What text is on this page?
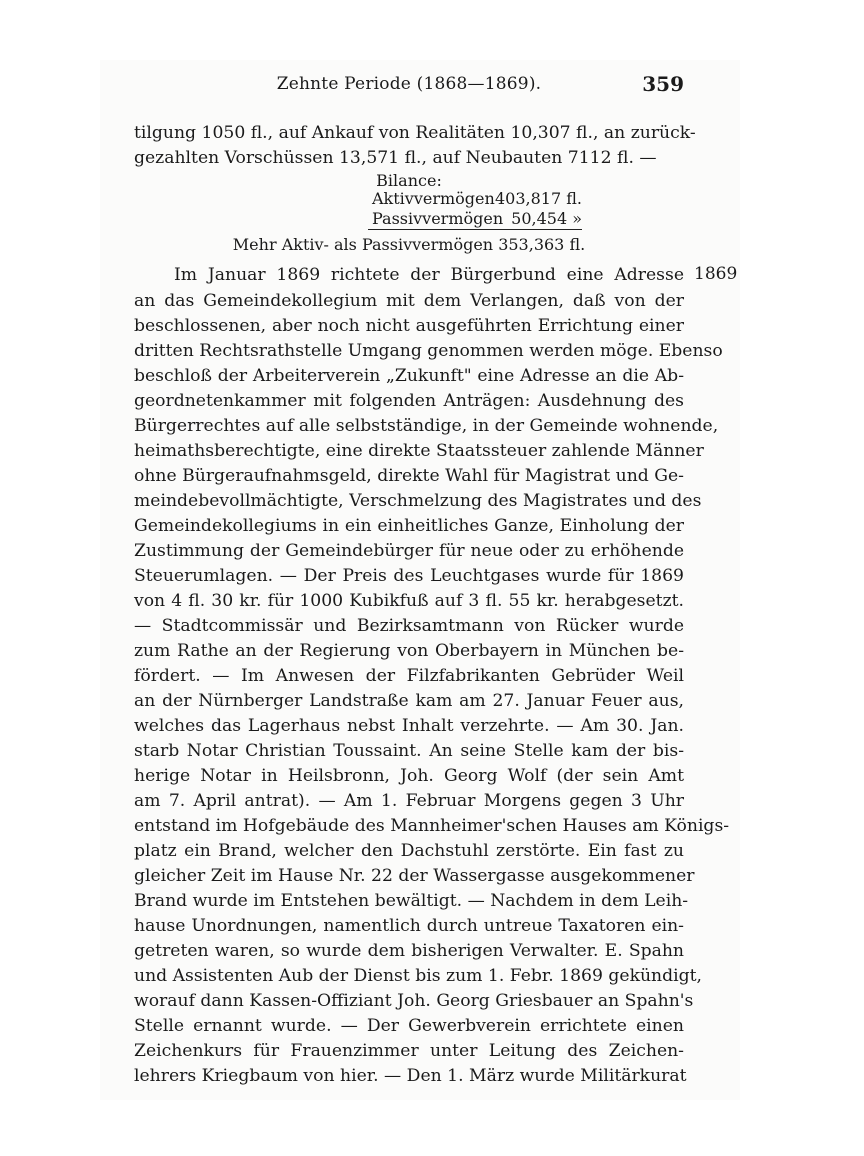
Zehnte Periode (1868—1869).	359
tilgung 1050 fl., auf Ankauf von Realitäten 10,307 fl., an zurück-
gezahlten Vorschüssen 13,571 fl., auf Neubauten 7112 fl. —
Bilance:
Aktivvermögen403,817 fl.
Passivvermögen 50,454 »
Mehr Aktiv- als Passivvermögen 353,363 fl.
1869
Im Januar 1869 richtete der Bürgerbund eine Adresse
an das Gemeindekollegium mit dem Verlangen, daß von der
beschlossenen, aber noch nicht ausgeführten Errichtung einer
dritten Rechtsrathstelle Umgang genommen werden möge. Ebenso
beschloß der Arbeiterverein „Zukunft" eine Adresse an die Ab-
geordnetenkammer mit folgenden Anträgen: Ausdehnung des
Bürgerrechtes auf alle selbstständige, in der Gemeinde wohnende,
heimathsberechtigte, eine direkte Staatssteuer zahlende Männer
ohne Bürgeraufnahmsgeld, direkte Wahl für Magistrat und Ge-
meindebevollmächtigte, Verschmelzung des Magistrates und des
Gemeindekollegiums in ein einheitliches Ganze, Einholung der
Zustimmung der Gemeindebürger für neue oder zu erhöhende
Steuerumlagen. — Der Preis des Leuchtgases wurde für 1869
von 4 fl. 30 kr. für 1000 Kubikfuß auf 3 fl. 55 kr. herabgesetzt.
— Stadtcommissär und Bezirksamtmann von Rücker wurde
zum Rathe an der Regierung von Oberbayern in München be-
fördert. — Im Anwesen der Filzfabrikanten Gebrüder Weil
an der Nürnberger Landstraße kam am 27. Januar Feuer aus,
welches das Lagerhaus nebst Inhalt verzehrte. — Am 30. Jan.
starb Notar Christian Toussaint. An seine Stelle kam der bis-
herige Notar in Heilsbronn, Joh. Georg Wolf (der sein Amt
am 7. April antrat). — Am 1. Februar Morgens gegen 3 Uhr
entstand im Hofgebäude des Mannheimer'schen Hauses am Königs-
platz ein Brand, welcher den Dachstuhl zerstörte. Ein fast zu
gleicher Zeit im Hause Nr. 22 der Wassergasse ausgekommener
Brand wurde im Entstehen bewältigt. — Nachdem in dem Leih-
hause Unordnungen, namentlich durch untreue Taxatoren ein-
getreten waren, so wurde dem bisherigen Verwalter. E. Spahn
und Assistenten Aub der Dienst bis zum 1. Febr. 1869 gekündigt,
worauf dann Kassen-Offiziant Joh. Georg Griesbauer an Spahn's
Stelle ernannt wurde. — Der Gewerbverein errichtete einen
Zeichenkurs für Frauenzimmer unter Leitung des Zeichen-
lehrers Kriegbaum von hier. — Den 1. März wurde Militärkurat
